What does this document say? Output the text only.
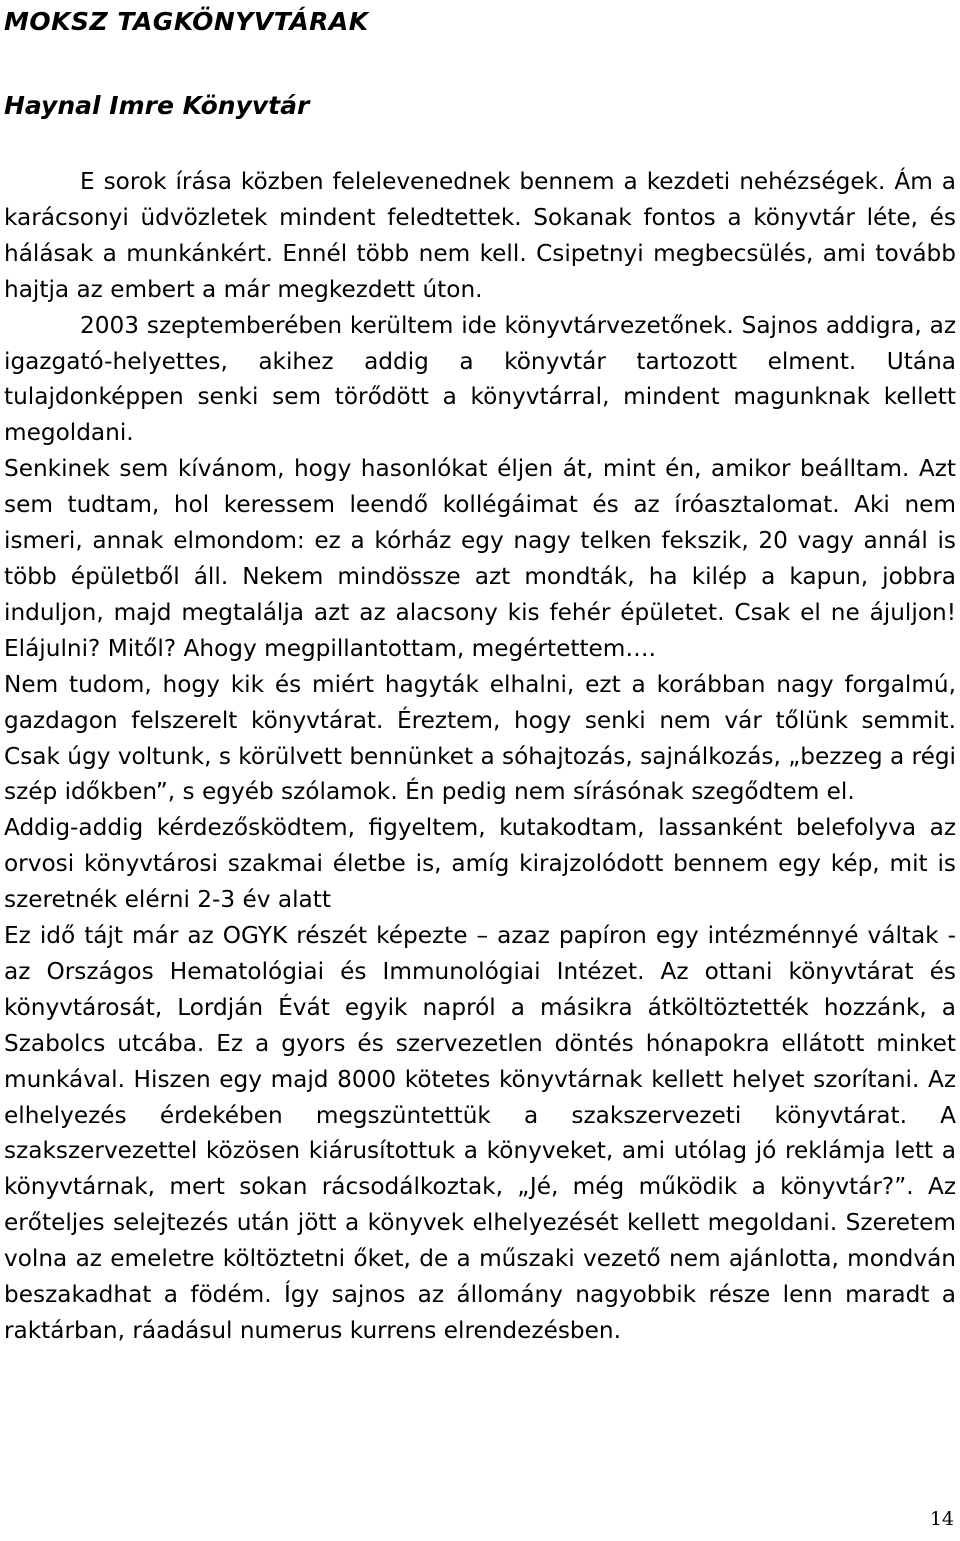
MOKSZ TAGKÖNYVTÁRAK
Haynal Imre Könyvtár

E sorok írása közben felelevenednek bennem a kezdeti nehézségek. Ám a karácsonyi üdvözletek mindent feledtettek. Sokanak fontos a könyvtár léte, és hálásak a munkánkért. Ennél több nem kell. Csipetnyi megbecsülés, ami tovább hajtja az embert a már megkezdett úton.

2003 szeptemberében kerültem ide könyvtárvezetőnek. Sajnos addigra, az igazgató-helyettes, akihez addig a könyvtár tartozott elment. Utána tulajdonképpen senki sem törődött a könyvtárral, mindent magunknak kellett megoldani.

Senkinek sem kívánom, hogy hasonlókat éljen át, mint én, amikor beálltam. Azt sem tudtam, hol keressem leendő kollégáimat és az íróasztalomat. Aki nem ismeri, annak elmondom: ez a kórház egy nagy telken fekszik, 20 vagy annál is több épületből áll. Nekem mindössze azt mondták, ha kilép a kapun, jobbra induljon, majd megtalálja azt az alacsony kis fehér épületet. Csak el ne ájuljon! Elájulni? Mitől? Ahogy megpillantottam, megértettem….

Nem tudom, hogy kik és miért hagyták elhalni, ezt a korábban nagy forgalmú, gazdagon felszerelt könyvtárat. Éreztem, hogy senki nem vár tőlünk semmit. Csak úgy voltunk, s körülvett bennünket a sóhajtozás, sajnálkozás, „bezzeg a régi szép időkben”, s egyéb szólamok. Én pedig nem sírásónak szegődtem el.

Addig-addig kérdezősködtem, figyeltem, kutakodtam, lassanként belefolyva az orvosi könyvtárosi szakmai életbe is, amíg kirajzolódott bennem egy kép, mit is szeretnék elérni 2-3 év alatt

Ez idő tájt már az OGYK részét képezte – azaz papíron egy intézménnyé váltak - az Országos Hematológiai és Immunológiai Intézet. Az ottani könyvtárat és könyvtárosát, Lordján Évát egyik napról a másikra átköltöztették hozzánk, a Szabolcs utcába. Ez a gyors és szervezetlen döntés hónapokra ellátott minket munkával. Hiszen egy majd 8000 kötetes könyvtárnak kellett helyet szorítani. Az elhelyezés érdekében megszüntettük a szakszervezeti könyvtárat. A szakszervezettel közösen kiárusítottuk a könyveket, ami utólag jó reklámja lett a könyvtárnak, mert sokan rácsodálkoztak, „Jé, még működik a könyvtár?”. Az erőteljes selejtezés után jött a könyvek elhelyezését kellett megoldani. Szeretem volna az emeletre költöztetni őket, de a műszaki vezető nem ajánlotta, mondván beszakadhat a födém. Így sajnos az állomány nagyobbik része lenn maradt a raktárban, ráadásul numerus kurrens elrendezésben.

14
